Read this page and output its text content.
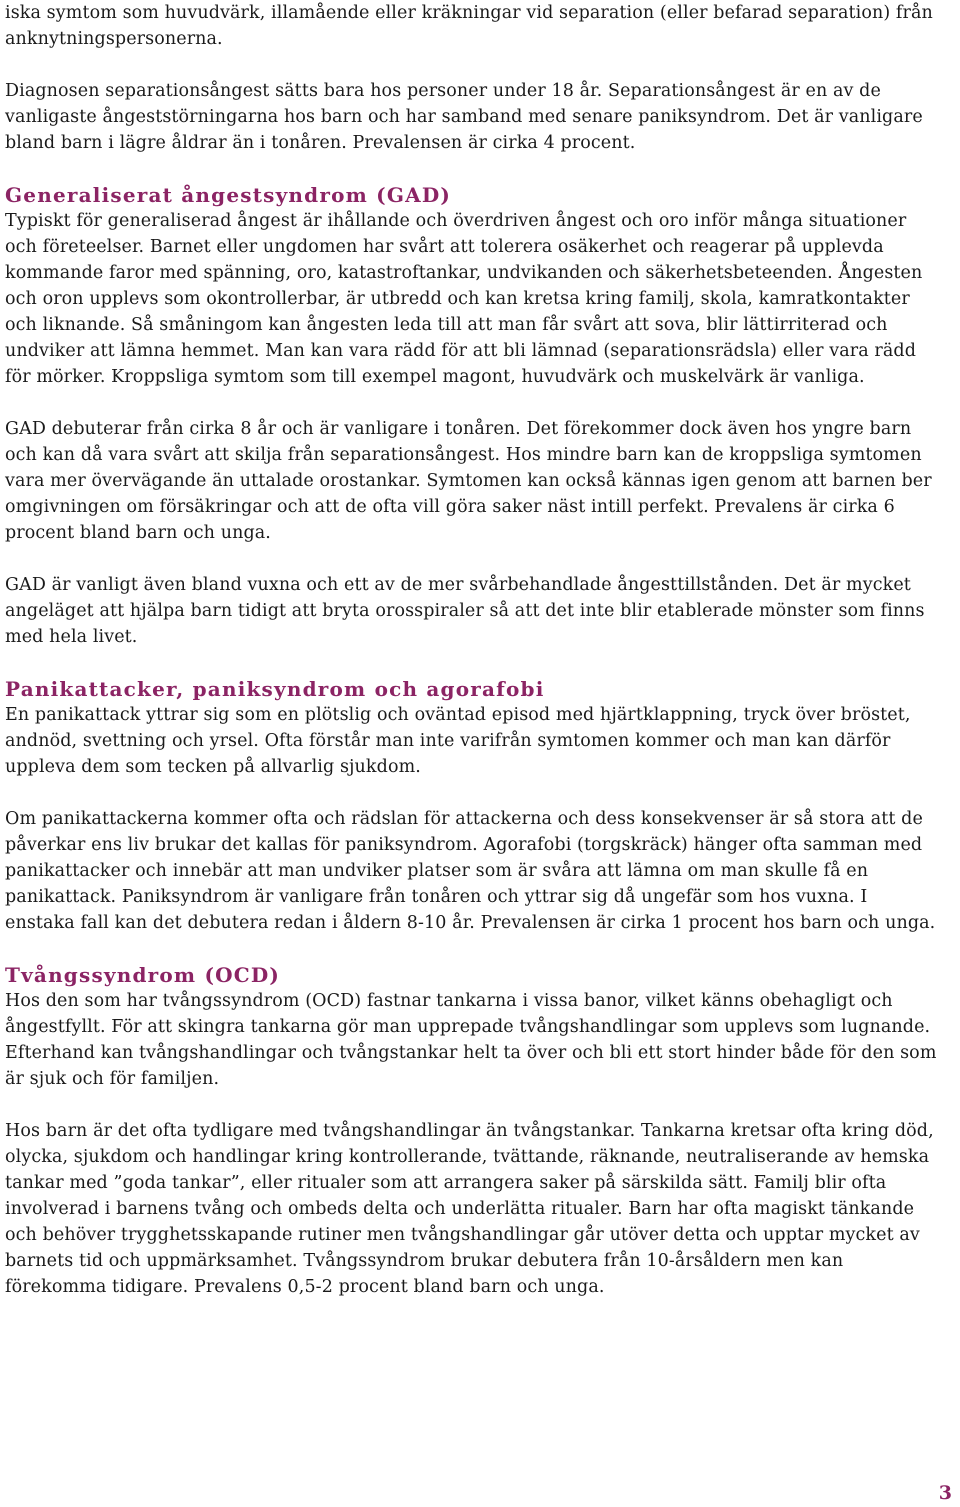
iska symtom som huvudvärk, illamående eller kräkningar vid separation (eller befarad separation) från anknytningspersonerna.

Diagnosen separationsångest sätts bara hos personer under 18 år. Separationsångest är en av de vanligaste ångeststörningarna hos barn och har samband med senare paniksyndrom. Det är vanligare bland barn i lägre åldrar än i tonåren. Prevalensen är cirka 4 procent.

Generaliserat ångestsyndrom (GAD)

Typiskt för generaliserad ångest är ihållande och överdriven ångest och oro inför många situationer och företeelser. Barnet eller ungdomen har svårt att tolerera osäkerhet och reagerar på upplevda kommande faror med spänning, oro, katastroftankar, undvikanden och säkerhetsbeteenden. Ångesten och oron upplevs som okontrollerbar, är utbredd och kan kretsa kring familj, skola, kamratkontakter och liknande. Så småningom kan ångesten leda till att man får svårt att sova, blir lättirriterad och undviker att lämna hemmet. Man kan vara rädd för att bli lämnad (separationsrädsla) eller vara rädd för mörker. Kroppsliga symtom som till exempel magont, huvudvärk och muskelvärk är vanliga.

GAD debuterar från cirka 8 år och är vanligare i tonåren. Det förekommer dock även hos yngre barn och kan då vara svårt att skilja från separationsångest. Hos mindre barn kan de kroppsliga symtomen vara mer övervägande än uttalade orostankar. Symtomen kan också kännas igen genom att barnen ber omgivningen om försäkringar och att de ofta vill göra saker näst intill perfekt. Prevalens är cirka 6 procent bland barn och unga.

GAD är vanligt även bland vuxna och ett av de mer svårbehandlade ångesttillstånden. Det är mycket angeläget att hjälpa barn tidigt att bryta orosspiraler så att det inte blir etablerade mönster som finns med hela livet.

Panikattacker, paniksyndrom och agorafobi

En panikattack yttrar sig som en plötslig och oväntad episod med hjärtklappning, tryck över bröstet, andnöd, svettning och yrsel. Ofta förstår man inte varifrån symtomen kommer och man kan därför uppleva dem som tecken på allvarlig sjukdom.

Om panikattackerna kommer ofta och rädslan för attackerna och dess konsekvenser är så stora att de påverkar ens liv brukar det kallas för paniksyndrom. Agorafobi (torgskräck) hänger ofta samman med panikattacker och innebär att man undviker platser som är svåra att lämna om man skulle få en panikattack. Paniksyndrom är vanligare från tonåren och yttrar sig då ungefär som hos vuxna. I enstaka fall kan det debutera redan i åldern 8-10 år. Prevalensen är cirka 1 procent hos barn och unga.

Tvångssyndrom (OCD)

Hos den som har tvångssyndrom (OCD) fastnar tankarna i vissa banor, vilket känns obehagligt och ångestfyllt. För att skingra tankarna gör man upprepade tvångshandlingar som upplevs som lugnande. Efterhand kan tvångshandlingar och tvångstankar helt ta över och bli ett stort hinder både för den som är sjuk och för familjen.

Hos barn är det ofta tydligare med tvångshandlingar än tvångstankar. Tankarna kretsar ofta kring död, olycka, sjukdom och handlingar kring kontrollerande, tvättande, räknande, neutraliserande av hemska tankar med ”goda tankar”, eller ritualer som att arrangera saker på särskilda sätt. Familj blir ofta involverad i barnens tvång och ombeds delta och underlätta ritualer. Barn har ofta magiskt tänkande och behöver trygghetsskapande rutiner men tvångshandlingar går utöver detta och upptar mycket av barnets tid och uppmärksamhet. Tvångssyndrom brukar debutera från 10-årsåldern men kan förekomma tidigare. Prevalens 0,5-2 procent bland barn och unga.

3
